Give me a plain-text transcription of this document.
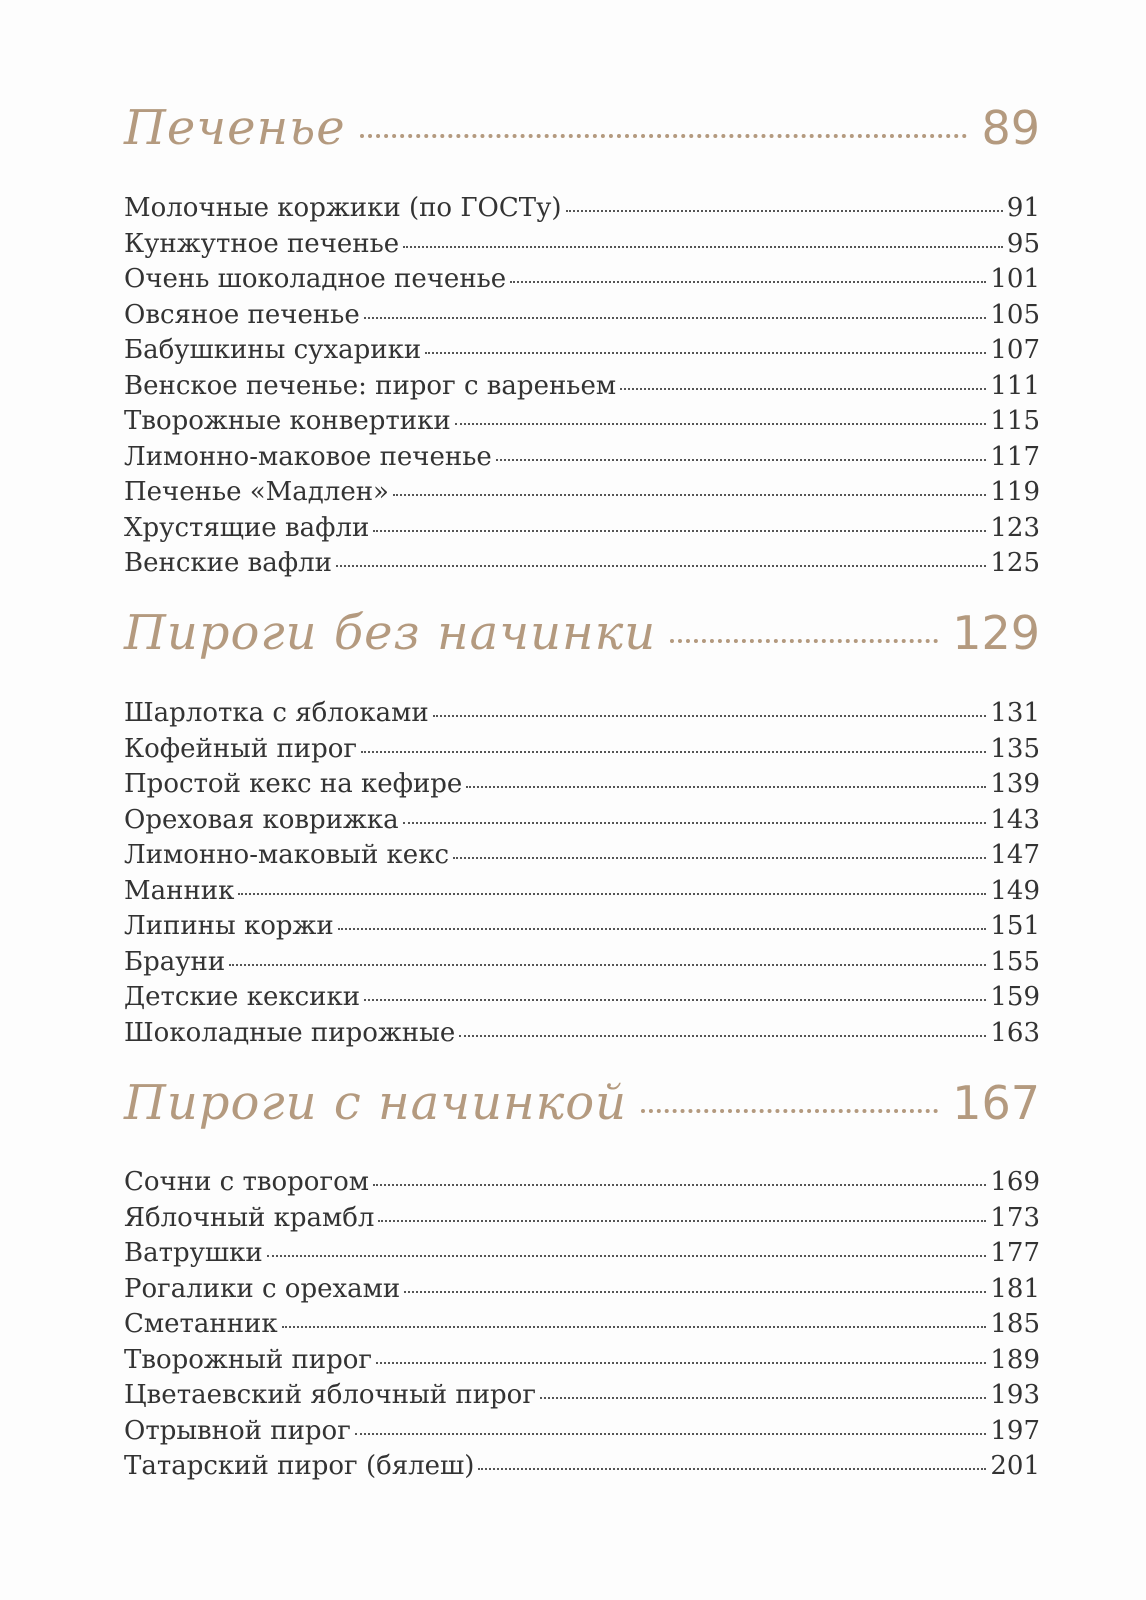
Печенье	89
Молочные коржики (по ГОСТу)	91
Кунжутное печенье	95
Очень шоколадное печенье	101
Овсяное печенье	105
Бабушкины сухарики	107
Венское печенье: пирог с вареньем	111
Творожные конвертики	115
Лимонно-маковое печенье	117
Печенье «Мадлен»	119
Хрустящие вафли	123
Венские вафли	125
Пироги без начинки	129
Шарлотка с яблоками	131
Кофейный пирог	135
Простой кекс на кефире	139
Ореховая коврижка	143
Лимонно-маковый кекс	147
Манник	149
Липины коржи	151
Брауни	155
Детские кексики	159
Шоколадные пирожные	163
Пироги с начинкой	167
Сочни с творогом	169
Яблочный крамбл	173
Ватрушки	177
Рогалики с орехами	181
Сметанник	185
Творожный пирог	189
Цветаевский яблочный пирог	193
Отрывной пирог	197
Татарский пирог (бялеш)	201
